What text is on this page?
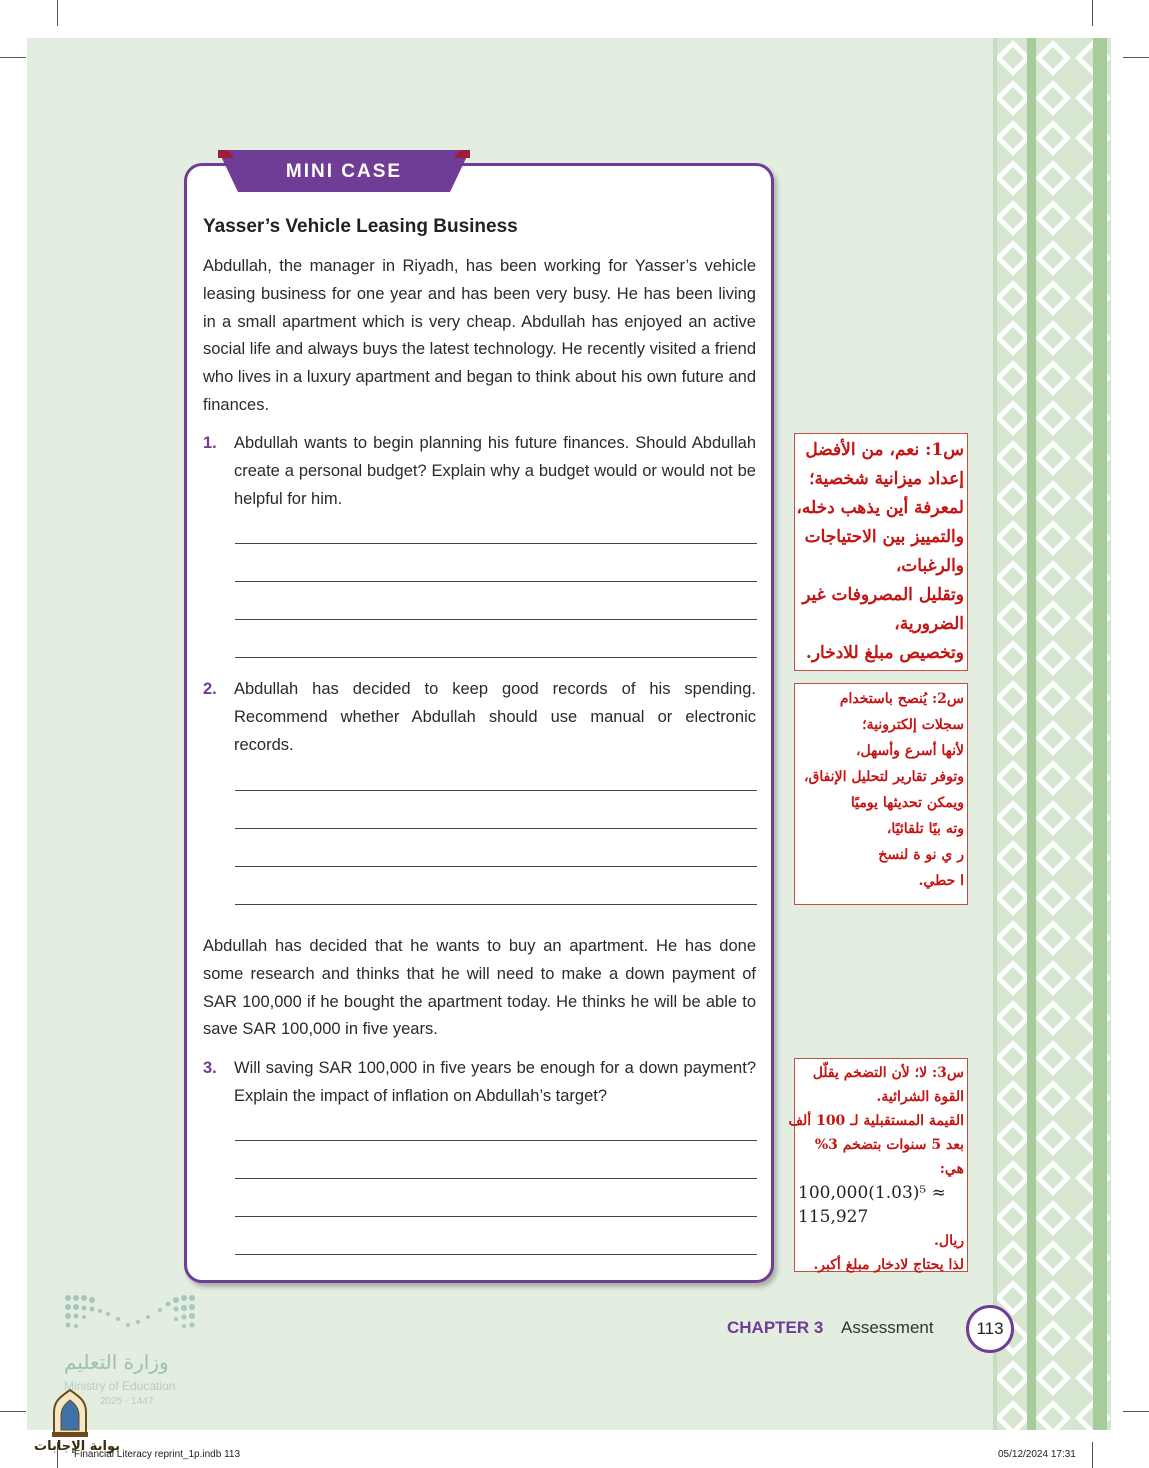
MINI CASE
Yasser’s Vehicle Leasing Business

Abdullah, the manager in Riyadh, has been working for Yasser’s vehicle leasing business for one year and has been very busy. He has been living in a small apartment which is very cheap. Abdullah has enjoyed an active social life and always buys the latest technology. He recently visited a friend who lives in a luxury apartment and began to think about his own future and finances.

1. Abdullah wants to begin planning his future finances. Should Abdullah create a personal budget? Explain why a budget would or would not be helpful for him.
2. Abdullah has decided to keep good records of his spending. Recommend whether Abdullah should use manual or electronic records.

Abdullah has decided that he wants to buy an apartment. He has done some research and thinks that he will need to make a down payment of SAR 100,000 if he bought the apartment today. He thinks he will be able to save SAR 100,000 in five years.

3. Will saving SAR 100,000 in five years be enough for a down payment? Explain the impact of inflation on Abdullah’s target?
س1: نعم، من الأفضل
إعداد ميزانية شخصية؛
لمعرفة أين يذهب دخله،
والتمييز بين الاحتياجات
والرغبات،
وتقليل المصروفات غير
الضرورية،
وتخصيص مبلغ للادخار.
س2: يُنصح باستخدام
سجلات إلكترونية؛
لأنها أسرع وأسهل،
وتوفر تقارير لتحليل الإنفاق،
ويمكن تحديثها يوميًا
وته بيًا تلقائيًا،
ر ي نو ة لنسخ
ا حطي.
س3: لا؛ لأن التضخم يقلّل
القوة الشرائية.
القيمة المستقبلية لـ 100 ألف
بعد 5 سنوات بتضخم 3%
هي:
100,000(1.03)⁵ ≈
115,927
ريال.
لذا يحتاج لادخار مبلغ أكبر.
CHAPTER 3 Assessment	113
وزارة التعليم
Ministry of Education
2025 - 1447
بوابة الإجابات
Financial Literacy reprint_1p.indb 113	05/12/2024 17:31
